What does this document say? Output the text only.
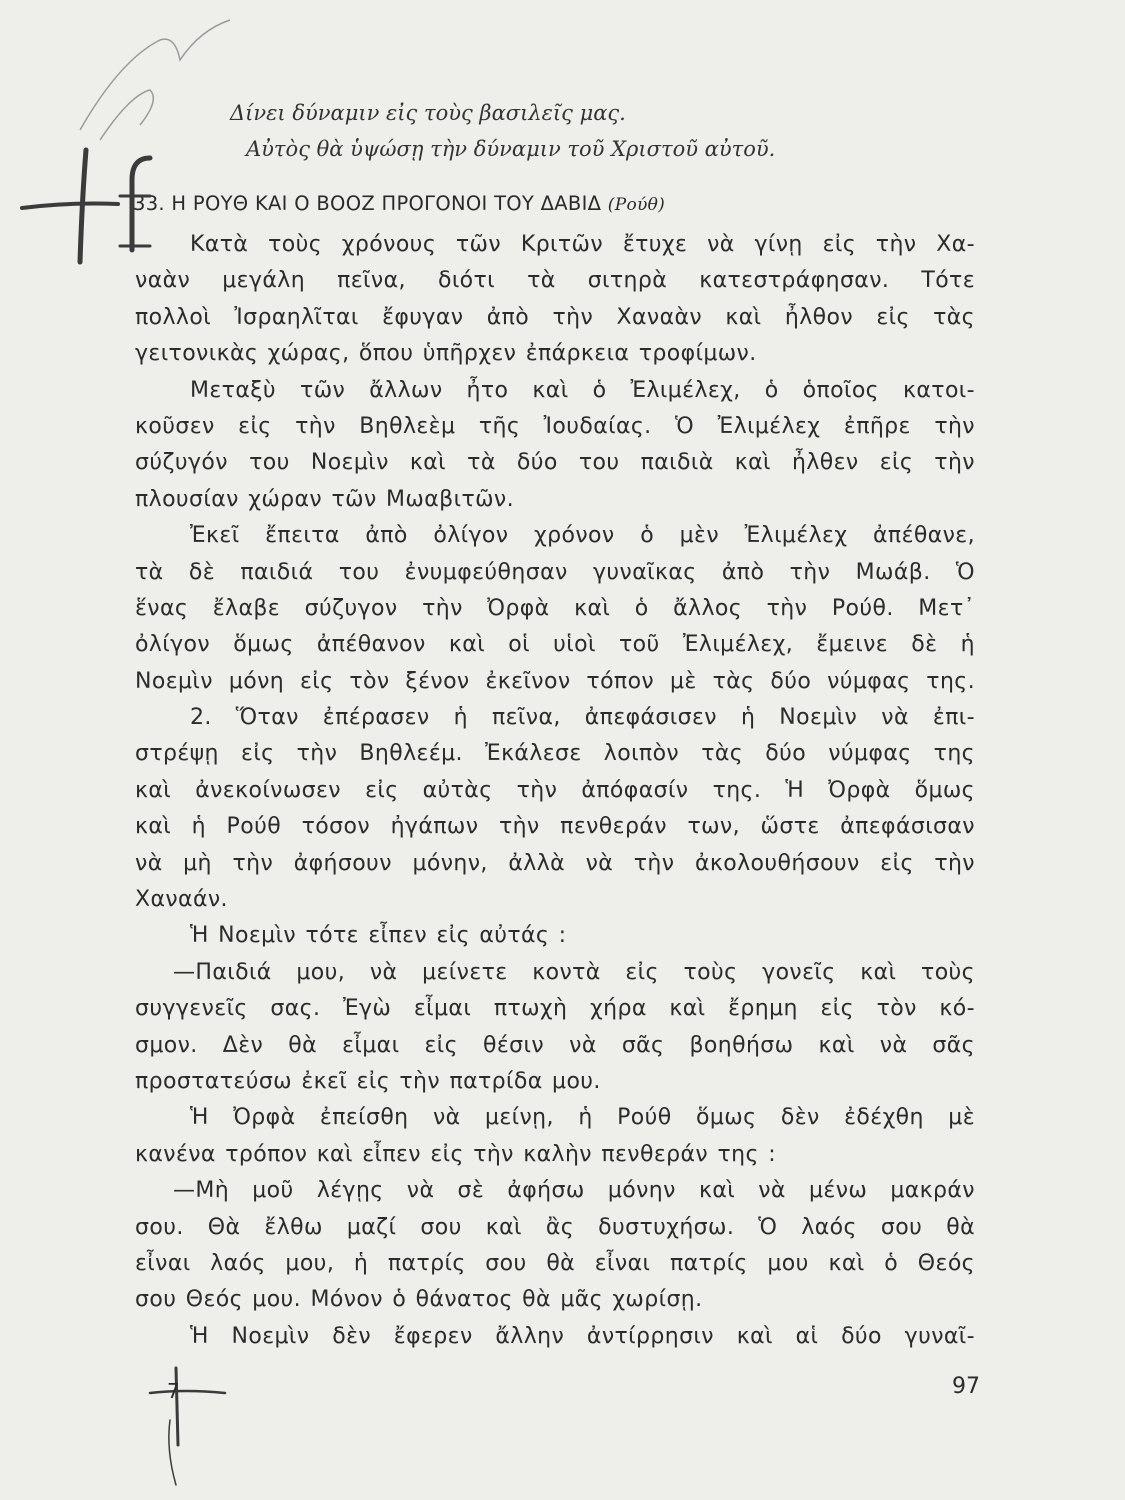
Δίνει δύναμιν εἰς τοὺς βασιλεῖς μας.
Αὐτὸς θὰ ὑψώσῃ τὴν δύναμιν τοῦ Χριστοῦ αὐτοῦ.
33. Η ΡΟΥΘ ΚΑΙ Ο ΒΟΟΖ ΠΡΟΓΟΝΟΙ ΤΟΥ ΔΑΒΙΔ (Ρούθ)
Κατὰ τοὺς χρόνους τῶν Κριτῶν ἔτυχε νὰ γίνῃ εἰς τὴν Χα-
ναὰν μεγάλη πεῖνα, διότι τὰ σιτηρὰ κατεστράφησαν. Τότε
πολλοὶ Ἰσραηλῖται ἔφυγαν ἀπὸ τὴν Χαναὰν καὶ ἦλθον εἰς τὰς
γειτονικὰς χώρας, ὅπου ὑπῆρχεν ἐπάρκεια τροφίμων.
Μεταξὺ τῶν ἄλλων ἦτο καὶ ὁ Ἐλιμέλεχ, ὁ ὁποῖος κατοι-
κοῦσεν εἰς τὴν Βηθλεὲμ τῆς Ἰουδαίας. Ὁ Ἐλιμέλεχ ἐπῆρε τὴν
σύζυγόν του Νοεμὶν καὶ τὰ δύο του παιδιὰ καὶ ἦλθεν εἰς τὴν
πλουσίαν χώραν τῶν Μωαβιτῶν.
Ἐκεῖ ἔπειτα ἀπὸ ὀλίγον χρόνον ὁ μὲν Ἐλιμέλεχ ἀπέθανε,
τὰ δὲ παιδιά του ἐνυμφεύθησαν γυναῖκας ἀπὸ τὴν Μωάβ. Ὁ
ἕνας ἔλαβε σύζυγον τὴν Ὀρφὰ καὶ ὁ ἄλλος τὴν Ρούθ. Μετ᾽
ὀλίγον ὅμως ἀπέθανον καὶ οἱ υἱοὶ τοῦ Ἐλιμέλεχ, ἔμεινε δὲ ἡ
Νοεμὶν μόνη εἰς τὸν ξένον ἐκεῖνον τόπον μὲ τὰς δύο νύμφας της.
2. Ὅταν ἐπέρασεν ἡ πεῖνα, ἀπεφάσισεν ἡ Νοεμὶν νὰ ἐπι-
στρέψῃ εἰς τὴν Βηθλεέμ. Ἐκάλεσε λοιπὸν τὰς δύο νύμφας της
καὶ ἀνεκοίνωσεν εἰς αὐτὰς τὴν ἀπόφασίν της. Ἡ Ὀρφὰ ὅμως
καὶ ἡ Ρούθ τόσον ἠγάπων τὴν πενθεράν των, ὥστε ἀπεφάσισαν
νὰ μὴ τὴν ἀφήσουν μόνην, ἀλλὰ νὰ τὴν ἀκολουθήσουν εἰς τὴν
Χαναάν.
Ἡ Νοεμὶν τότε εἶπεν εἰς αὐτάς :
—Παιδιά μου, νὰ μείνετε κοντὰ εἰς τοὺς γονεῖς καὶ τοὺς
συγγενεῖς σας. Ἐγὼ εἶμαι πτωχὴ χήρα καὶ ἔρημη εἰς τὸν κό-
σμον. Δὲν θὰ εἶμαι εἰς θέσιν νὰ σᾶς βοηθήσω καὶ νὰ σᾶς
προστατεύσω ἐκεῖ εἰς τὴν πατρίδα μου.
Ἡ Ὀρφὰ ἐπείσθη νὰ μείνῃ, ἡ Ρούθ ὅμως δὲν ἐδέχθη μὲ
κανένα τρόπον καὶ εἶπεν εἰς τὴν καλὴν πενθεράν της :
—Μὴ μοῦ λέγῃς νὰ σὲ ἀφήσω μόνην καὶ νὰ μένω μακράν
σου. Θὰ ἔλθω μαζί σου καὶ ἂς δυστυχήσω. Ὁ λαός σου θὰ
εἶναι λαός μου, ἡ πατρίς σου θὰ εἶναι πατρίς μου καὶ ὁ Θεός
σου Θεός μου. Μόνον ὁ θάνατος θὰ μᾶς χωρίσῃ.
Ἡ Νοεμὶν δὲν ἔφερεν ἄλλην ἀντίρρησιν καὶ αἱ δύο γυναῖ-
97
7
